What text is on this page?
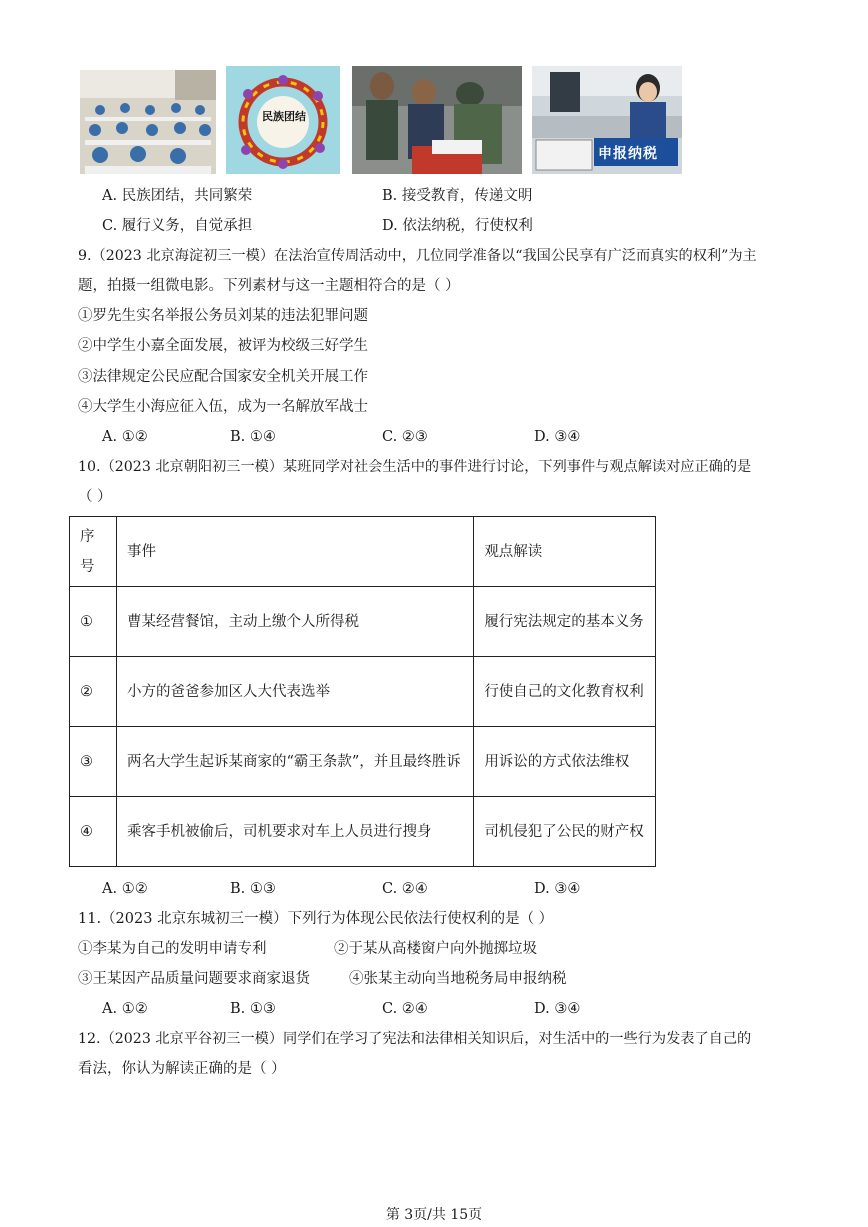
民族团结
申报纳税
A. 民族团结，共同繁荣	B. 接受教育，传递文明
C. 履行义务，自觉承担	D. 依法纳税，行使权利
9.（2023 北京海淀初三一模）在法治宣传周活动中，几位同学准备以“我国公民享有广泛而真实的权利”为主
题，拍摄一组微电影。下列素材与这一主题相符合的是（ ）
①罗先生实名举报公务员刘某的违法犯罪问题
②中学生小嘉全面发展，被评为校级三好学生
③法律规定公民应配合国家安全机关开展工作
④大学生小海应征入伍，成为一名解放军战士
A. ①②	B. ①④	C. ②③	D. ③④
10.（2023 北京朝阳初三一模）某班同学对社会生活中的事件进行讨论，下列事件与观点解读对应正确的是
（ ）
序
号	事件	观点解读
①	曹某经营餐馆，主动上缴个人所得税	履行宪法规定的基本义务
②	小方的爸爸参加区人大代表选举	行使自己的文化教育权利
③	两名大学生起诉某商家的“霸王条款”，并且最终胜诉	用诉讼的方式依法维权
④	乘客手机被偷后，司机要求对车上人员进行搜身	司机侵犯了公民的财产权
A. ①②	B. ①③	C. ②④	D. ③④
11.（2023 北京东城初三一模）下列行为体现公民依法行使权利的是（ ）
①李某为自己的发明申请专利	②于某从高楼窗户向外抛掷垃圾
③王某因产品质量问题要求商家退货	④张某主动向当地税务局申报纳税
A. ①②	B. ①③	C. ②④	D. ③④
12.（2023 北京平谷初三一模）同学们在学习了宪法和法律相关知识后，对生活中的一些行为发表了自己的
看法，你认为解读正确的是（ ）
第 3页/共 15页
